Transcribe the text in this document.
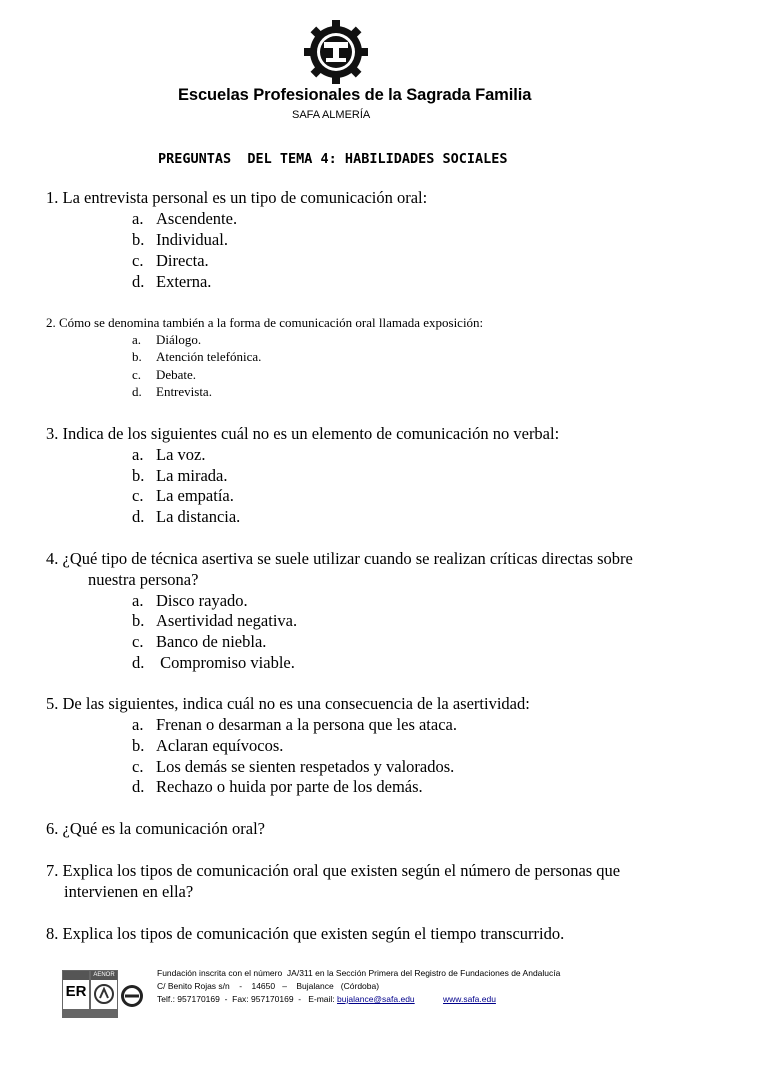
Escuelas Profesionales de la Sagrada Familia
SAFA ALMERÍA
PREGUNTAS  DEL TEMA 4: HABILIDADES SOCIALES
1. La entrevista personal es un tipo de comunicación oral:
a. Ascendente.
b. Individual.
c. Directa.
d. Externa.
2. Cómo se denomina también a la forma de comunicación oral llamada exposición:
a. Diálogo.
b. Atención telefónica.
c. Debate.
d. Entrevista.
3. Indica de los siguientes cuál no es un elemento de comunicación no verbal:
a. La voz.
b. La mirada.
c. La empatía.
d. La distancia.
4. ¿Qué tipo de técnica asertiva se suele utilizar cuando se realizan críticas directas sobre
nuestra persona?
a. Disco rayado.
b. Asertividad negativa.
c. Banco de niebla.
d. Compromiso viable.
5. De las siguientes, indica cuál no es una consecuencia de la asertividad:
a. Frenan o desarman a la persona que les ataca.
b. Aclaran equívocos.
c. Los demás se sienten respetados y valorados.
d. Rechazo o huida por parte de los demás.
6. ¿Qué es la comunicación oral?
7. Explica los tipos de comunicación oral que existen según el número de personas que
intervienen en ella?
8. Explica los tipos de comunicación que existen según el tiempo transcurrido.
ER
AENOR	Fundación inscrita con el número  JA/311 en la Sección Primera del Registro de Fundaciones de Andalucía
C/ Benito Rojas s/n    -    14650   –    Bujalance   (Córdoba)
Telf.: 957170169  -  Fax: 957170169  -   E-mail: bujalance@safa.edu	www.safa.edu
